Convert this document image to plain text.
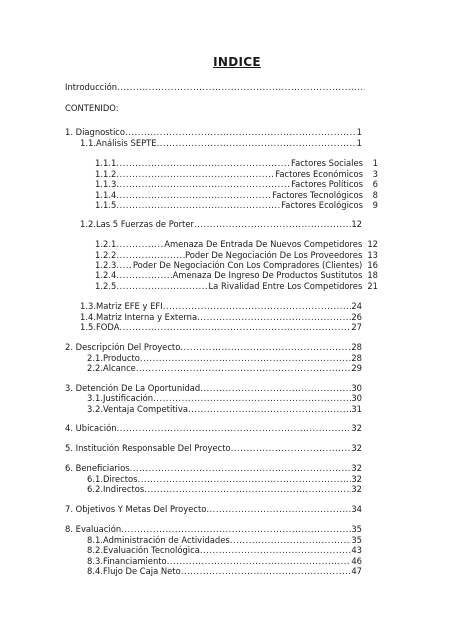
INDICE
Introducción
.....
CONTENIDO:
1. Diagnostico .....	1
1.1.Análisis SEPTE .....	1
1.1.1 .....	Factores Sociales	1
1.1.2 .....	Factores Económicos	3
1.1.3 .....	Factores Políticos	6
1.1.4 .....	Factores Tecnológicos	8
1.1.5 .....	Factores Ecológicos	9
1.2.Las 5 Fuerzas de Porter .....	12
1.2.1 .....	Amenaza De Entrada De Nuevos Competidores 12
1.2.2 .....	Poder De Negociación De Los Proveedores 13
1.2.3 ..... Poder De Negociación Con Los Compradores (Clientes) 16
1.2.4 .....	Amenaza De Ingreso De Productos Sustitutos 18
1.2.5 .....	La Rivalidad Entre Los Competidores 21
1.3.Matriz EFE y EFI .....	24
1.4.Matriz Interna y Externa .....	26
1.5.FODA .....	27
2. Descripción Del Proyecto .....	28
2.1.Producto .....	28
2.2.Alcance .....	29
3. Detención De La Oportunidad .....	30
3.1.Justificación .....	30
3.2.Ventaja Competitiva .....	31
4. Ubicación .....	32
5. Institución Responsable Del Proyecto .....	32
6. Beneficiarios .....	32
6.1.Directos .....	32
6.2.Indirectos .....	32
7. Objetivos Y Metas Del Proyecto .....	34
8. Evaluación .....	35
8.1.Administración de Actividades .....	35
8.2.Evaluación Tecnológica .....	43
8.3.Financiamiento .....	46
8.4.Flujo De Caja Neto .....	47
